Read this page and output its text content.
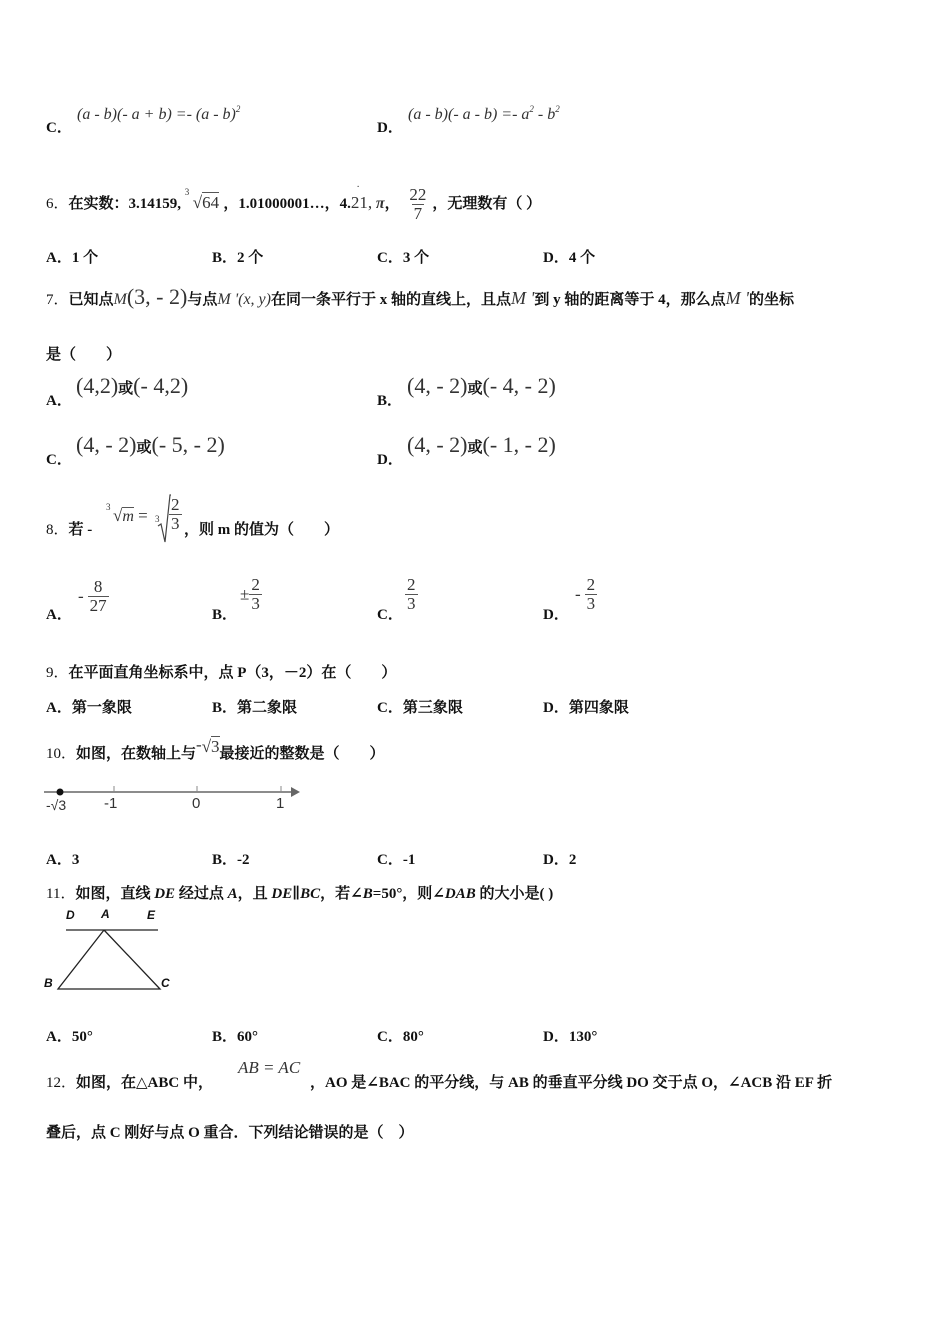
C．
(a - b)(- a + b) =- (a - b)$^2$
D．
(a - b)(- $a - b) =- a^2 - b^2$
6．在实数：3.14159,
3
√64 ，1.01000001…，4.
.
21, π， $\frac{22}{7}$ ，无理数有（ ）
A．1 个	B．2 个	C．3 个	D．4 个
7．已知点M(3, - 2)与点M '(x, y)在同一条平行于 x 轴的直线上，且点M '到 y 轴的距离等于 4，那么点M '的坐标
是（　　）
A．
(4,2)或(- 4,2)
B．
(4, - 2)或(- 4, - 2)
C．
(4, - 2)或(- 5, - 2)
D．
(4, - 2)或(- 1, - 2)
8．若 -
3 $√m = 3 \frac{2}{3}$ ，则 m 的值为（　　）
A．
- $\frac{8}{27}$	B．
± $\frac{2}{3}$
C．
$\frac{2}{3}$
D．
- $\frac{2}{3}$
9．在平面直角坐标系中，点 P（3，－2）在（　　）
A．第一象限	B．第二象限	C．第三象限	D．第四象限
10．如图，在数轴上与-√3最接近的整数是（　　）
-√3	-1	0	1
A．3	B．-2	C．-1	D．2
11．如图，直线 DE 经过点 A，且 DE∥BC，若∠B=50°，则∠DAB 的大小是( )
D A	E
B	C
A．50°	B．60°	C．80°	D．130°
12．如图，在△ABC 中，
AB = AC
，AO 是∠BAC 的平分线，与 AB 的垂直平分线 DO 交于点 O，∠ACB 沿 EF 折
叠后，点 C 刚好与点 O 重合．下列结论错误的是（　）
